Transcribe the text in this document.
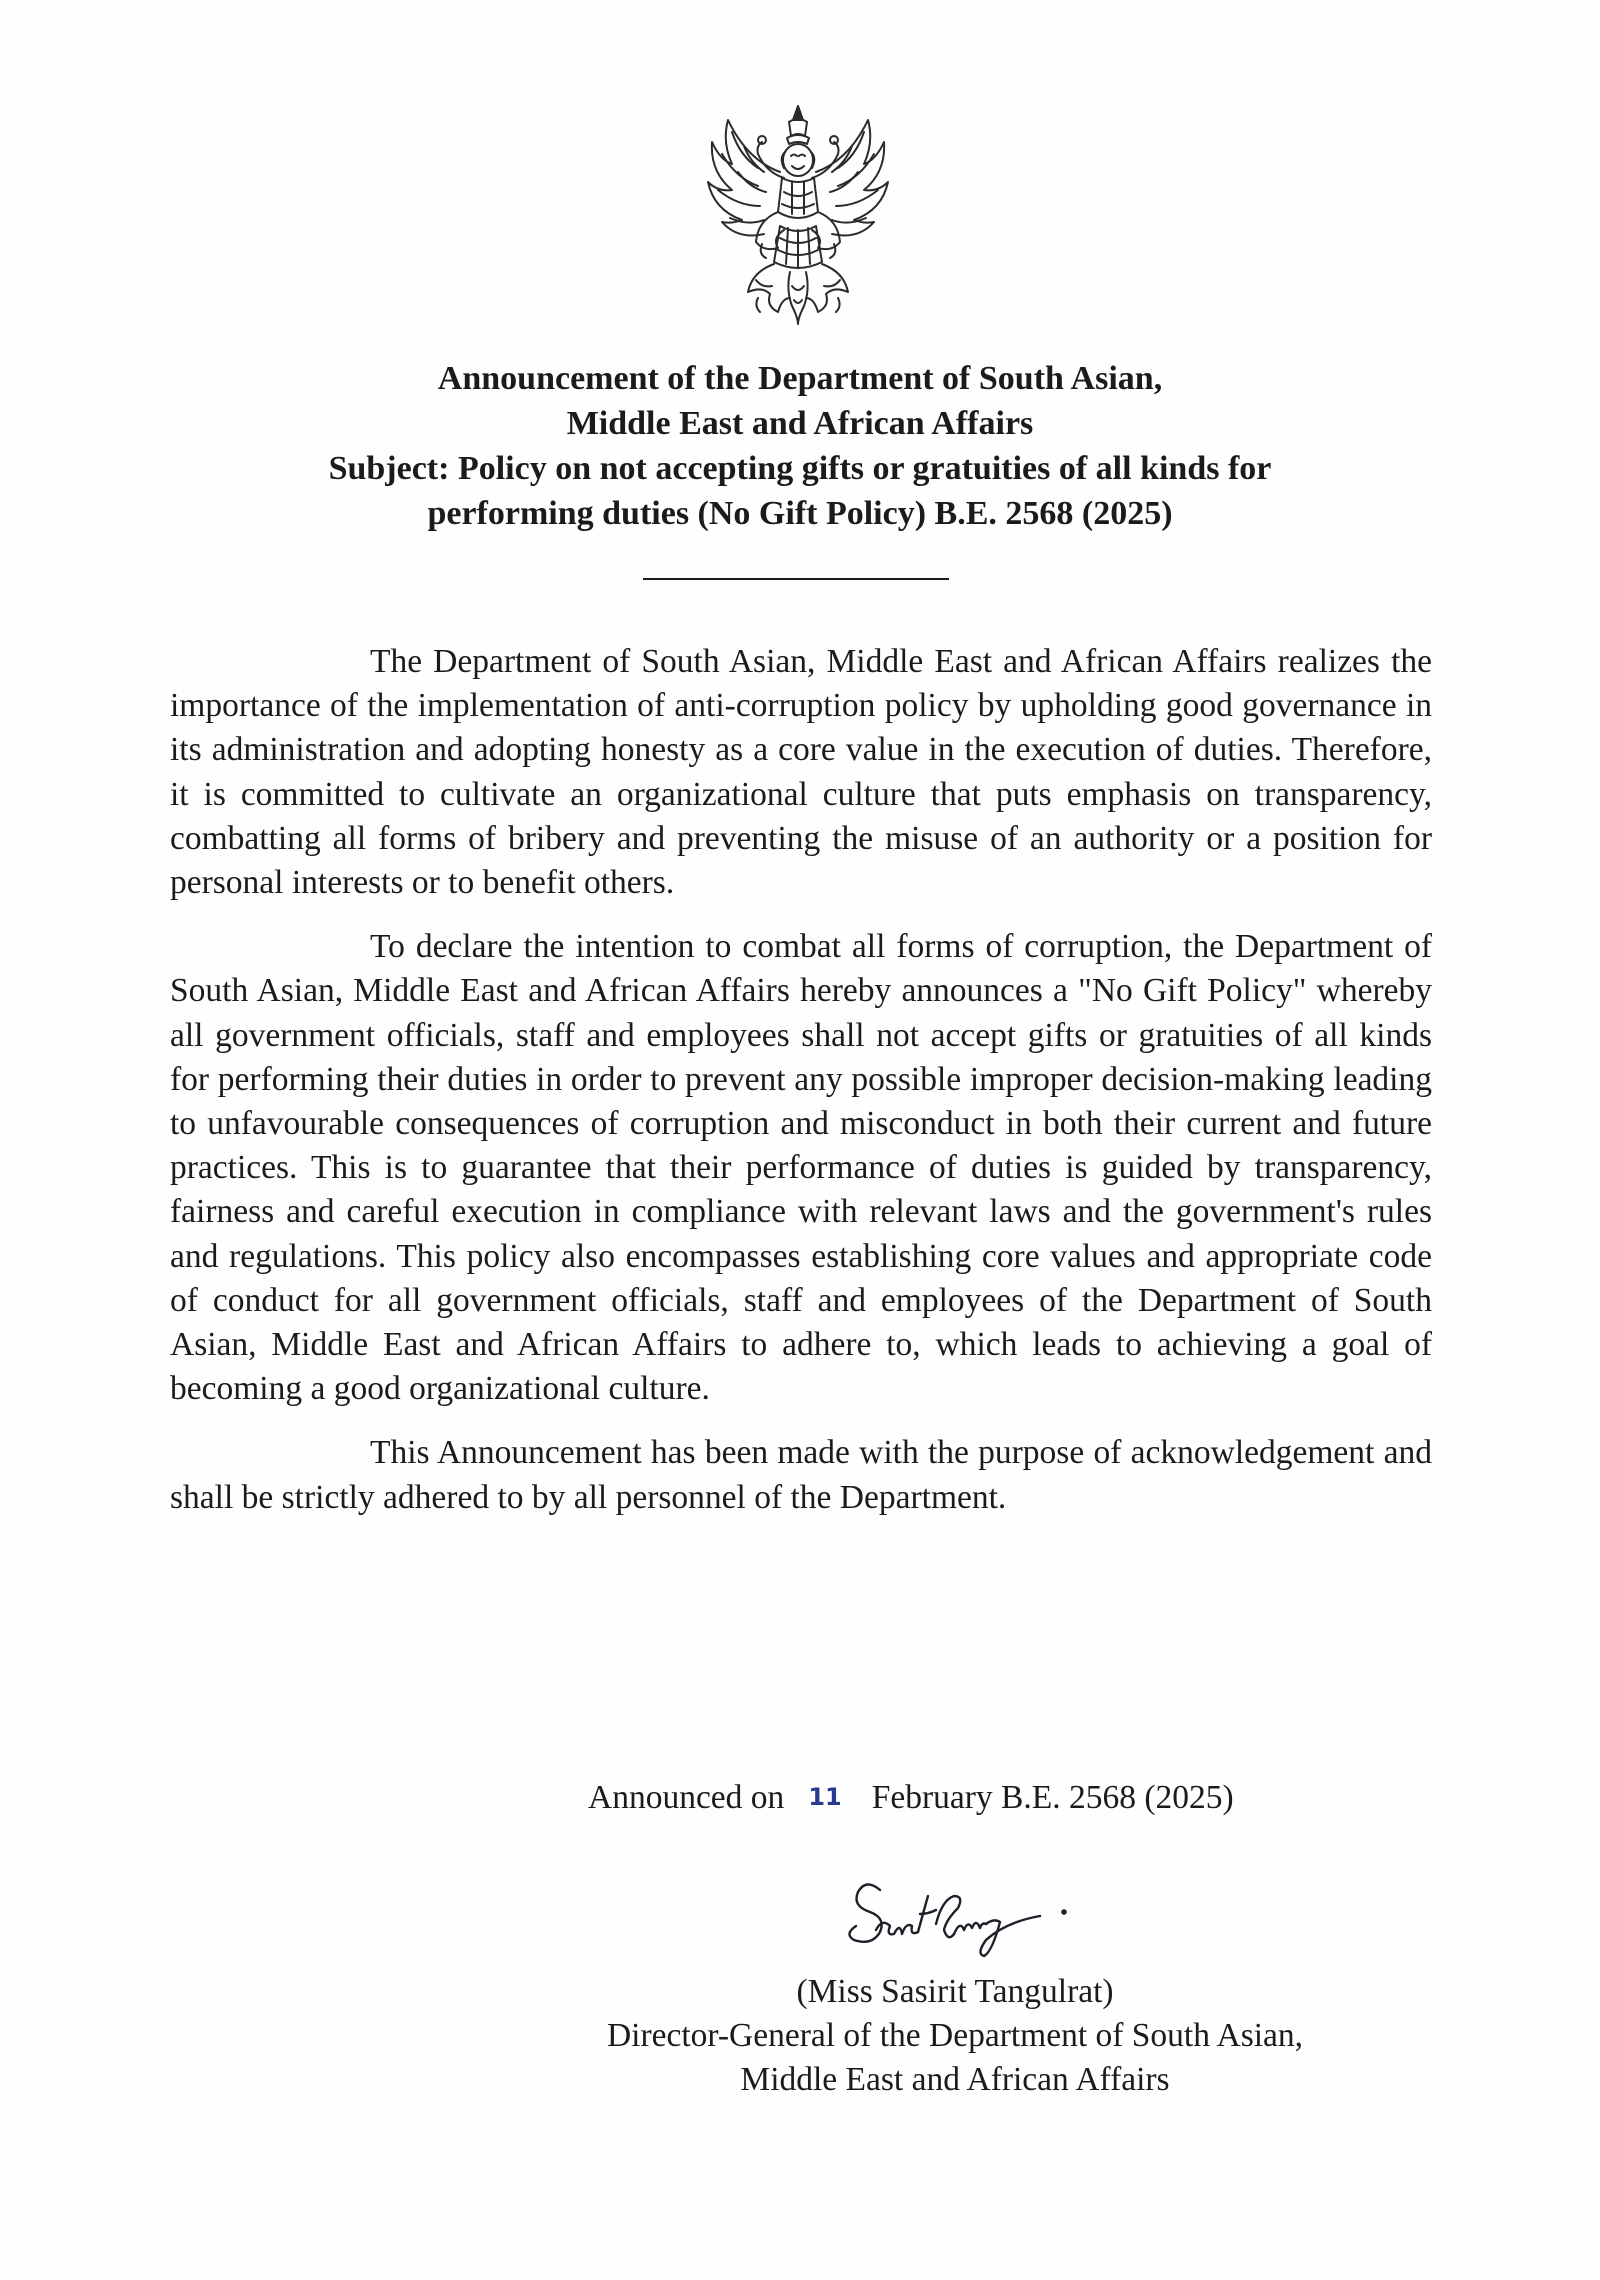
Announcement of the Department of South Asian,
Middle East and African Affairs
Subject: Policy on not accepting gifts or gratuities of all kinds for
performing duties (No Gift Policy) B.E. 2568 (2025)

The Department of South Asian, Middle East and African Affairs realizes the importance of the implementation of anti-corruption policy by upholding good governance in its administration and adopting honesty as a core value in the execution of duties. Therefore, it is committed to cultivate an organizational culture that puts emphasis on transparency, combatting all forms of bribery and preventing the misuse of an authority or a position for personal interests or to benefit others.

To declare the intention to combat all forms of corruption, the Department of South Asian, Middle East and African Affairs hereby announces a "No Gift Policy" whereby all government officials, staff and employees shall not accept gifts or gratuities of all kinds for performing their duties in order to prevent any possible improper decision-making leading to unfavourable consequences of corruption and misconduct in both their current and future practices. This is to guarantee that their performance of duties is guided by transparency, fairness and careful execution in compliance with relevant laws and the government's rules and regulations. This policy also encompasses establishing core values and appropriate code of conduct for all government officials, staff and employees of the Department of South Asian, Middle East and African Affairs to adhere to, which leads to achieving a goal of becoming a good organizational culture.

This Announcement has been made with the purpose of acknowledgement and shall be strictly adhered to by all personnel of the Department.

Announced on 11 February B.E. 2568 (2025)
(Miss Sasirit Tangulrat)
Director-General of the Department of South Asian,
Middle East and African Affairs
